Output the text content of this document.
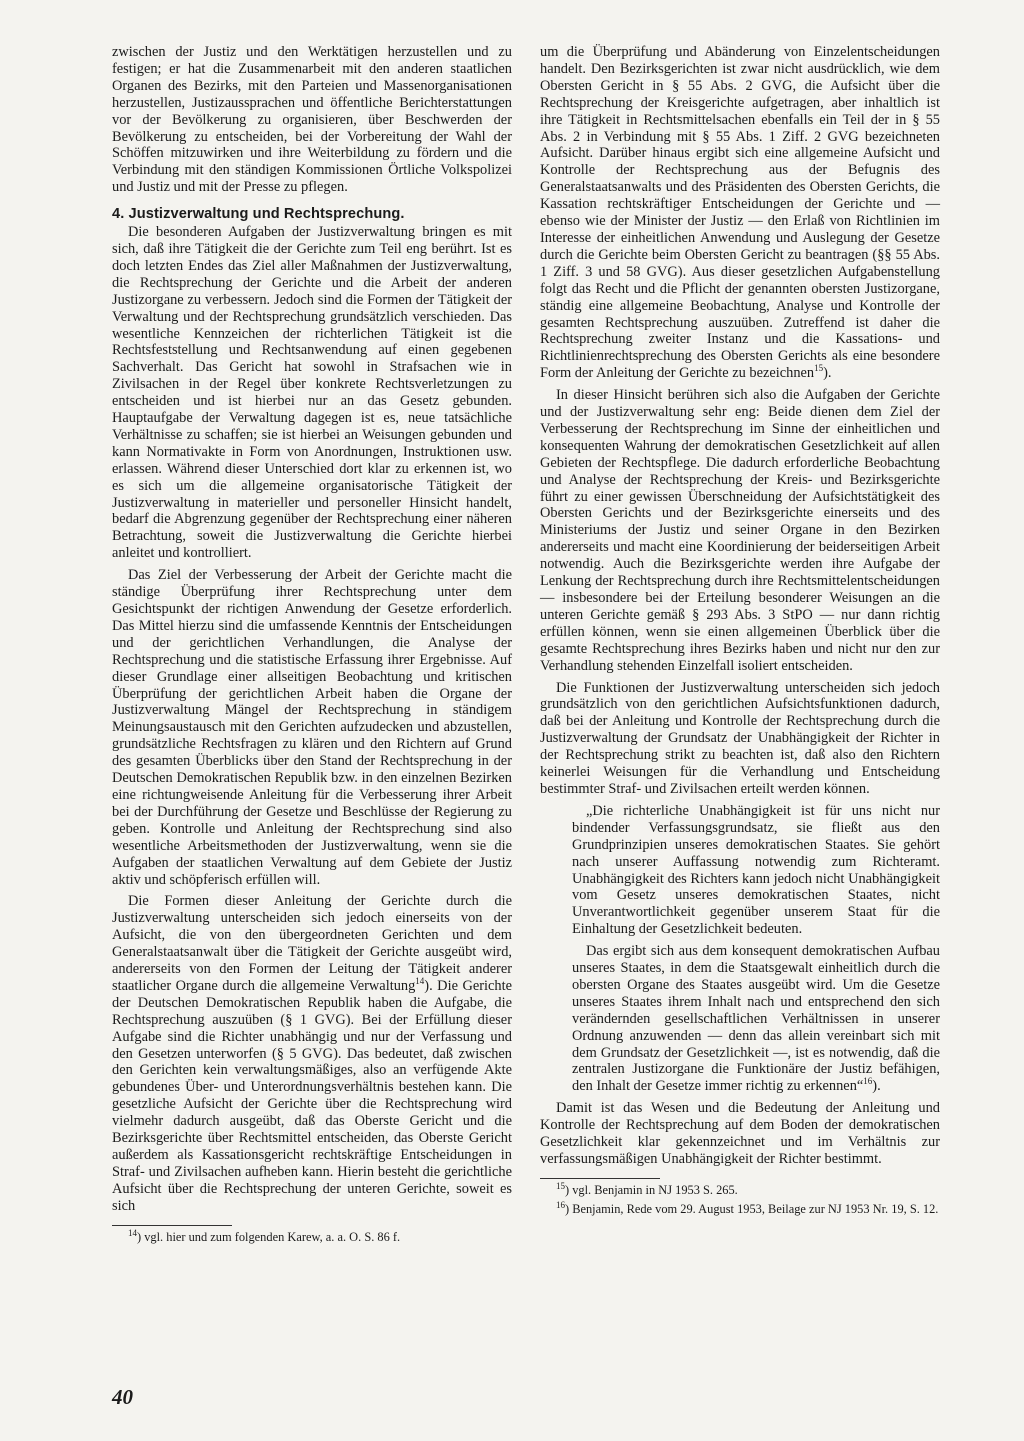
zwischen der Justiz und den Werktätigen herzustellen und zu festigen; er hat die Zusammenarbeit mit den anderen staatlichen Organen des Bezirks, mit den Parteien und Massenorganisationen herzustellen, Justizaussprachen und öffentliche Berichterstattungen vor der Bevölkerung zu organisieren, über Beschwerden der Bevölkerung zu entscheiden, bei der Vorbereitung der Wahl der Schöffen mitzuwirken und ihre Weiterbildung zu fördern und die Verbindung mit den ständigen Kommissionen Örtliche Volkspolizei und Justiz und mit der Presse zu pflegen.

4. Justizverwaltung und Rechtsprechung.

Die besonderen Aufgaben der Justizverwaltung bringen es mit sich, daß ihre Tätigkeit die der Gerichte zum Teil eng berührt. Ist es doch letzten Endes das Ziel aller Maßnahmen der Justizverwaltung, die Rechtsprechung der Gerichte und die Arbeit der anderen Justizorgane zu verbessern. Jedoch sind die Formen der Tätigkeit der Verwaltung und der Rechtsprechung grundsätzlich verschieden. Das wesentliche Kennzeichen der richterlichen Tätigkeit ist die Rechtsfeststellung und Rechtsanwendung auf einen gegebenen Sachverhalt. Das Gericht hat sowohl in Strafsachen wie in Zivilsachen in der Regel über konkrete Rechtsverletzungen zu entscheiden und ist hierbei nur an das Gesetz gebunden. Hauptaufgabe der Verwaltung dagegen ist es, neue tatsächliche Verhältnisse zu schaffen; sie ist hierbei an Weisungen gebunden und kann Normativakte in Form von Anordnungen, Instruktionen usw. erlassen. Während dieser Unterschied dort klar zu erkennen ist, wo es sich um die allgemeine organisatorische Tätigkeit der Justizverwaltung in materieller und personeller Hinsicht handelt, bedarf die Abgrenzung gegenüber der Rechtsprechung einer näheren Betrachtung, soweit die Justizverwaltung die Gerichte hierbei anleitet und kontrolliert.

Das Ziel der Verbesserung der Arbeit der Gerichte macht die ständige Überprüfung ihrer Rechtsprechung unter dem Gesichtspunkt der richtigen Anwendung der Gesetze erforderlich. Das Mittel hierzu sind die umfassende Kenntnis der Entscheidungen und der gerichtlichen Verhandlungen, die Analyse der Rechtsprechung und die statistische Erfassung ihrer Ergebnisse. Auf dieser Grundlage einer allseitigen Beobachtung und kritischen Überprüfung der gerichtlichen Arbeit haben die Organe der Justizverwaltung Mängel der Rechtsprechung in ständigem Meinungsaustausch mit den Gerichten aufzudecken und abzustellen, grundsätzliche Rechtsfragen zu klären und den Richtern auf Grund des gesamten Überblicks über den Stand der Rechtsprechung in der Deutschen Demokratischen Republik bzw. in den einzelnen Bezirken eine richtungweisende Anleitung für die Verbesserung ihrer Arbeit bei der Durchführung der Gesetze und Beschlüsse der Regierung zu geben. Kontrolle und Anleitung der Rechtsprechung sind also wesentliche Arbeitsmethoden der Justizverwaltung, wenn sie die Aufgaben der staatlichen Verwaltung auf dem Gebiete der Justiz aktiv und schöpferisch erfüllen will.

Die Formen dieser Anleitung der Gerichte durch die Justizverwaltung unterscheiden sich jedoch einerseits von der Aufsicht, die von den übergeordneten Gerichten und dem Generalstaatsanwalt über die Tätigkeit der Gerichte ausgeübt wird, andererseits von den Formen der Leitung der Tätigkeit anderer staatlicher Organe durch die allgemeine Verwaltung$^{14}$). Die Gerichte der Deutschen Demokratischen Republik haben die Aufgabe, die Rechtsprechung auszuüben (§ 1 GVG). Bei der Erfüllung dieser Aufgabe sind die Richter unabhängig und nur der Verfassung und den Gesetzen unterworfen (§ 5 GVG). Das bedeutet, daß zwischen den Gerichten kein verwaltungsmäßiges, also an verfügende Akte gebundenes Über- und Unterordnungsverhältnis bestehen kann. Die gesetzliche Aufsicht der Gerichte über die Rechtsprechung wird vielmehr dadurch ausgeübt, daß das Oberste Gericht und die Bezirksgerichte über Rechtsmittel entscheiden, das Oberste Gericht außerdem als Kassationsgericht rechtskräftige Entscheidungen in Straf- und Zivilsachen aufheben kann. Hierin besteht die gerichtliche Aufsicht über die Rechtsprechung der unteren Gerichte, soweit es sich

$^{14}$) vgl. hier und zum folgenden Karew, a. a. O. S. 86 f.

um die Überprüfung und Abänderung von Einzelentscheidungen handelt. Den Bezirksgerichten ist zwar nicht ausdrücklich, wie dem Obersten Gericht in § 55 Abs. 2 GVG, die Aufsicht über die Rechtsprechung der Kreisgerichte aufgetragen, aber inhaltlich ist ihre Tätigkeit in Rechtsmittelsachen ebenfalls ein Teil der in § 55 Abs. 2 in Verbindung mit § 55 Abs. 1 Ziff. 2 GVG bezeichneten Aufsicht. Darüber hinaus ergibt sich eine allgemeine Aufsicht und Kontrolle der Rechtsprechung aus der Befugnis des Generalstaatsanwalts und des Präsidenten des Obersten Gerichts, die Kassation rechtskräftiger Entscheidungen der Gerichte und — ebenso wie der Minister der Justiz — den Erlaß von Richtlinien im Interesse der einheitlichen Anwendung und Auslegung der Gesetze durch die Gerichte beim Obersten Gericht zu beantragen (§§ 55 Abs. 1 Ziff. 3 und 58 GVG). Aus dieser gesetzlichen Aufgabenstellung folgt das Recht und die Pflicht der genannten obersten Justizorgane, ständig eine allgemeine Beobachtung, Analyse und Kontrolle der gesamten Rechtsprechung auszuüben. Zutreffend ist daher die Rechtsprechung zweiter Instanz und die Kassations- und Richtlinienrechtsprechung des Obersten Gerichts als eine besondere Form der Anleitung der Gerichte zu bezeichnen$^{15}$).

In dieser Hinsicht berühren sich also die Aufgaben der Gerichte und der Justizverwaltung sehr eng: Beide dienen dem Ziel der Verbesserung der Rechtsprechung im Sinne der einheitlichen und konsequenten Wahrung der demokratischen Gesetzlichkeit auf allen Gebieten der Rechtspflege. Die dadurch erforderliche Beobachtung und Analyse der Rechtsprechung der Kreis- und Bezirksgerichte führt zu einer gewissen Überschneidung der Aufsichtstätigkeit des Obersten Gerichts und der Bezirksgerichte einerseits und des Ministeriums der Justiz und seiner Organe in den Bezirken andererseits und macht eine Koordinierung der beiderseitigen Arbeit notwendig. Auch die Bezirksgerichte werden ihre Aufgabe der Lenkung der Rechtsprechung durch ihre Rechtsmittelentscheidungen — insbesondere bei der Erteilung besonderer Weisungen an die unteren Gerichte gemäß § 293 Abs. 3 StPO — nur dann richtig erfüllen können, wenn sie einen allgemeinen Überblick über die gesamte Rechtsprechung ihres Bezirks haben und nicht nur den zur Verhandlung stehenden Einzelfall isoliert entscheiden.

Die Funktionen der Justizverwaltung unterscheiden sich jedoch grundsätzlich von den gerichtlichen Aufsichtsfunktionen dadurch, daß bei der Anleitung und Kontrolle der Rechtsprechung durch die Justizverwaltung der Grundsatz der Unabhängigkeit der Richter in der Rechtsprechung strikt zu beachten ist, daß also den Richtern keinerlei Weisungen für die Verhandlung und Entscheidung bestimmter Straf- und Zivilsachen erteilt werden können.

„Die richterliche Unabhängigkeit ist für uns nicht nur bindender Verfassungsgrundsatz, sie fließt aus den Grundprinzipien unseres demokratischen Staates. Sie gehört nach unserer Auffassung notwendig zum Richteramt. Unabhängigkeit des Richters kann jedoch nicht Unabhängigkeit vom Gesetz unseres demokratischen Staates, nicht Unverantwortlichkeit gegenüber unserem Staat für die Einhaltung der Gesetzlichkeit bedeuten.

Das ergibt sich aus dem konsequent demokratischen Aufbau unseres Staates, in dem die Staatsgewalt einheitlich durch die obersten Organe des Staates ausgeübt wird. Um die Gesetze unseres Staates ihrem Inhalt nach und entsprechend den sich verändernden gesellschaftlichen Verhältnissen in unserer Ordnung anzuwenden — denn das allein vereinbart sich mit dem Grundsatz der Gesetzlichkeit —, ist es notwendig, daß die zentralen Justizorgane die Funktionäre der Justiz befähigen, den Inhalt der Gesetze immer richtig zu erkennen“$^{16}$).

Damit ist das Wesen und die Bedeutung der Anleitung und Kontrolle der Rechtsprechung auf dem Boden der demokratischen Gesetzlichkeit klar gekennzeichnet und im Verhältnis zur verfassungsmäßigen Unabhängigkeit der Richter bestimmt.

$^{15}$) vgl. Benjamin in NJ 1953 S. 265.

$^{16}$) Benjamin, Rede vom 29. August 1953, Beilage zur NJ 1953 Nr. 19, S. 12.

40
